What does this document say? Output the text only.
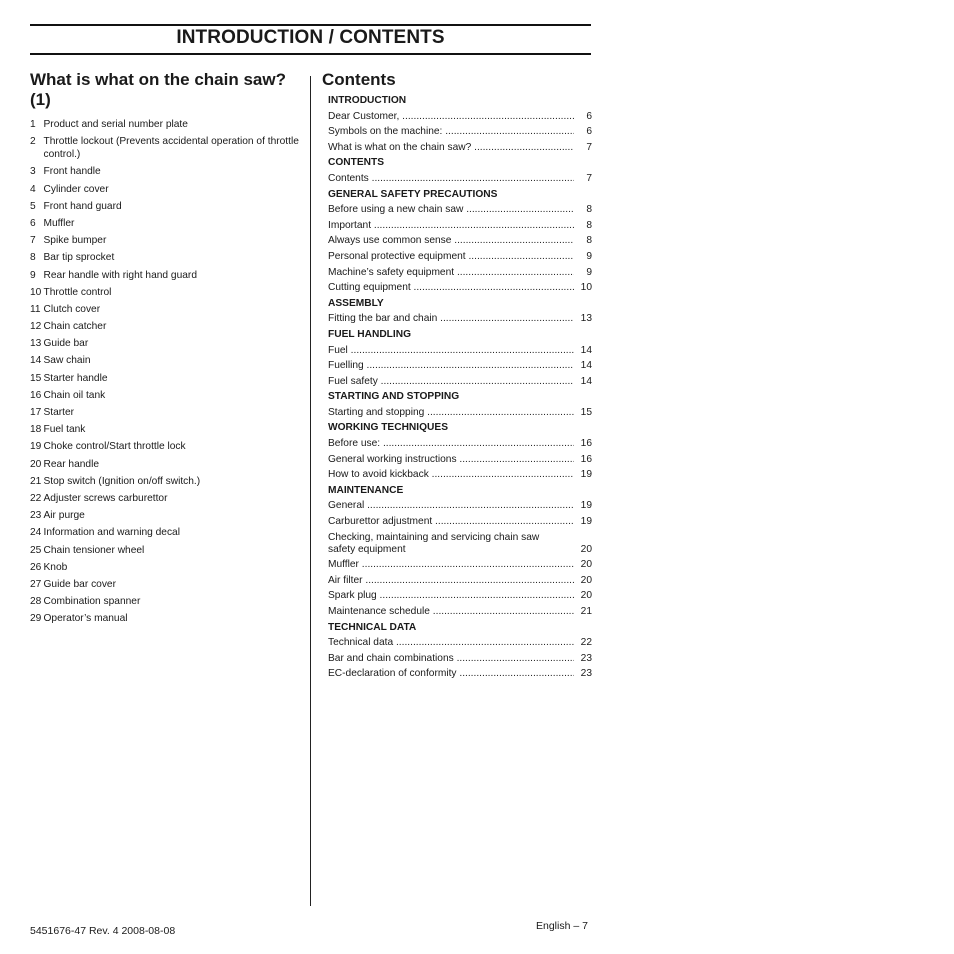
INTRODUCTION / CONTENTS
What is what on the chain saw? (1)
1 Product and serial number plate
2 Throttle lockout (Prevents accidental operation of throttle control.)
3 Front handle
4 Cylinder cover
5 Front hand guard
6 Muffler
7 Spike bumper
8 Bar tip sprocket
9 Rear handle with right hand guard
10 Throttle control
11 Clutch cover
12 Chain catcher
13 Guide bar
14 Saw chain
15 Starter handle
16 Chain oil tank
17 Starter
18 Fuel tank
19 Choke control/Start throttle lock
20 Rear handle
21 Stop switch (Ignition on/off switch.)
22 Adjuster screws carburettor
23 Air purge
24 Information and warning decal
25 Chain tensioner wheel
26 Knob
27 Guide bar cover
28 Combination spanner
29 Operator’s manual
Contents
INTRODUCTION
Dear Customer, .....	6
Symbols on the machine: .....	6
What is what on the chain saw? .....	7
CONTENTS
Contents .....	7
GENERAL SAFETY PRECAUTIONS
Before using a new chain saw .....	8
Important .....	8
Always use common sense .....	8
Personal protective equipment .....	9
Machine’s safety equipment .....	9
Cutting equipment .....	10
ASSEMBLY
Fitting the bar and chain .....	13
FUEL HANDLING
Fuel .....	14
Fuelling .....	14
Fuel safety .....	14
STARTING AND STOPPING
Starting and stopping .....	15
WORKING TECHNIQUES
Before use: .....	16
General working instructions .....	16
How to avoid kickback .....	19
MAINTENANCE
General .....	19
Carburettor adjustment .....	19
Checking, maintaining and servicing chain saw safety equipment	20
Muffler .....	20
Air filter .....	20
Spark plug .....	20
Maintenance schedule .....	21
TECHNICAL DATA
Technical data .....	22
Bar and chain combinations .....	23
EC-declaration of conformity .....	23
5451676-47 Rev. 4 2008-08-08	English – 7
